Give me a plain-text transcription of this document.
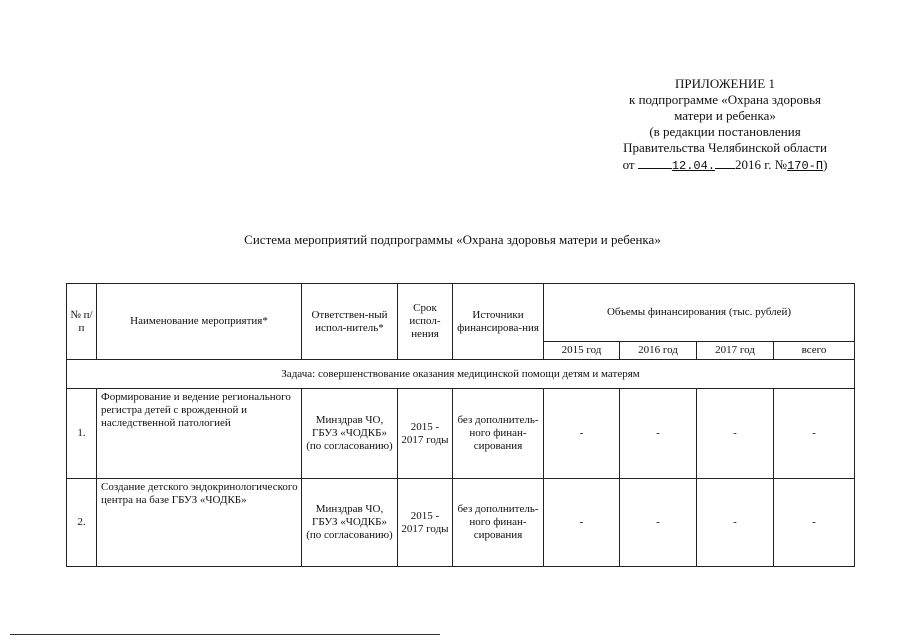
ПРИЛОЖЕНИЕ 1
к подпрограмме «Охрана здоровья
матери и ребенка»
(в редакции постановления
Правительства Челябинской области
от	12.04. 2016 г. №170-П)
Система мероприятий подпрограммы «Охрана здоровья матери и ребенка»
№ п/п	Наименование мероприятия*	Ответствен-ный испол-нитель*	Срок испол-нения	Источники финансирова-ния	Объемы финансирования (тыс. рублей)			
					2015 год	2016 год	2017 год	всего
Задача: совершенствование оказания медицинской помощи детям и матерям								
1.	Формирование и ведение регионального регистра детей с врожденной и наследственной патологией	Минздрав ЧО, ГБУЗ «ЧОДКБ» (по согласованию)	2015 - 2017 годы	без дополнитель-ного финан-сирования	-	-	-	-
2.	Создание детского эндокринологического центра на базе ГБУЗ «ЧОДКБ»	Минздрав ЧО, ГБУЗ «ЧОДКБ» (по согласованию)	2015 - 2017 годы	без дополнитель-ного финан-сирования	-	-	-	-
